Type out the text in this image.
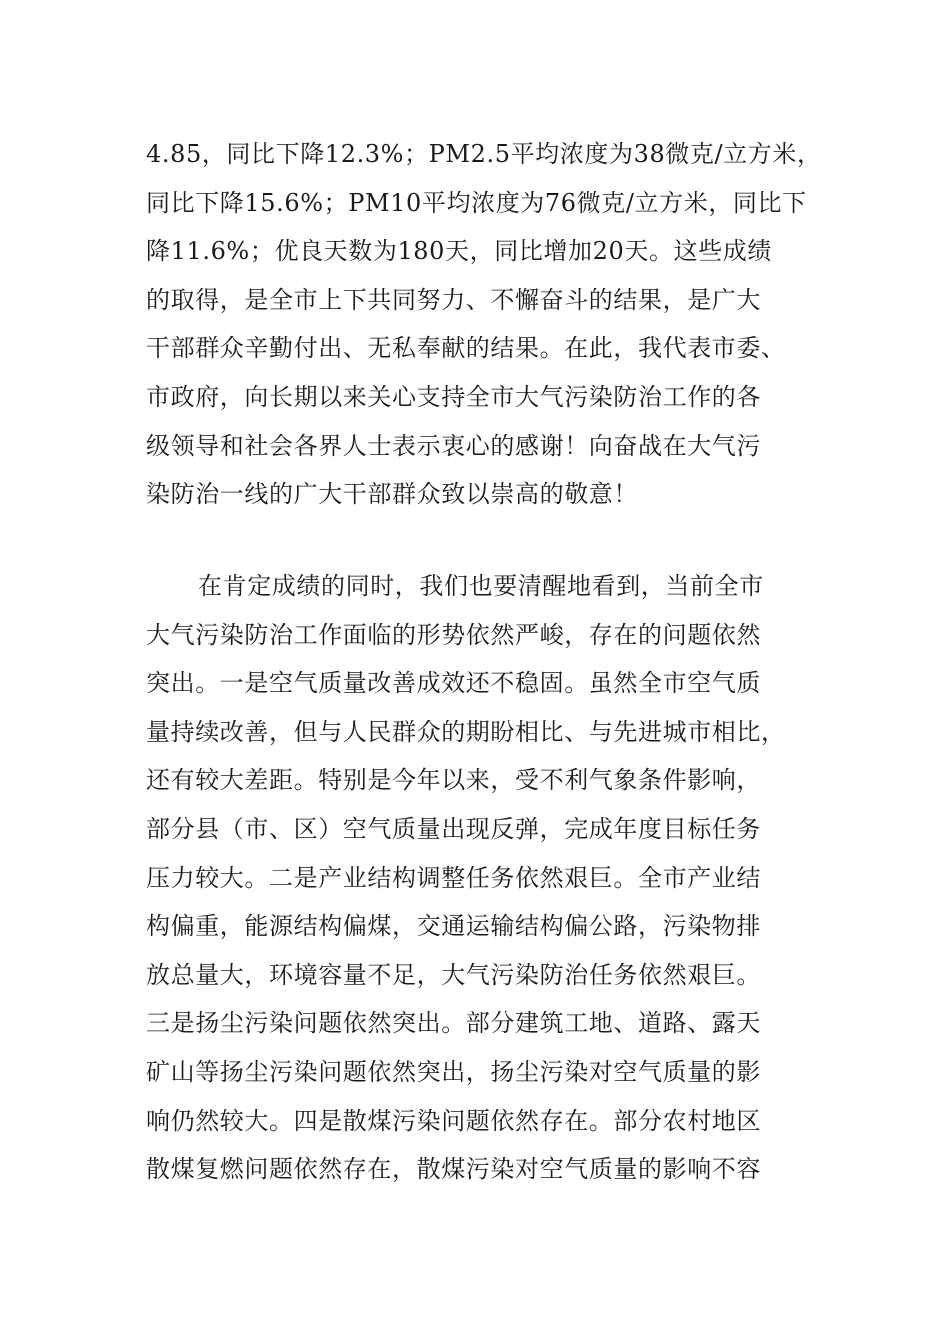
4.85，同比下降12.3%；PM2.5平均浓度为38微克/立方米，
同比下降15.6%；PM10平均浓度为76微克/立方米，同比下
降11.6%；优良天数为180天，同比增加20天。这些成绩
的取得，是全市上下共同努力、不懈奋斗的结果，是广大
干部群众辛勤付出、无私奉献的结果。在此，我代表市委、
市政府，向长期以来关心支持全市大气污染防治工作的各
级领导和社会各界人士表示衷心的感谢！向奋战在大气污
染防治一线的广大干部群众致以崇高的敬意！
在肯定成绩的同时，我们也要清醒地看到，当前全市
大气污染防治工作面临的形势依然严峻，存在的问题依然
突出。一是空气质量改善成效还不稳固。虽然全市空气质
量持续改善，但与人民群众的期盼相比、与先进城市相比，
还有较大差距。特别是今年以来，受不利气象条件影响，
部分县（市、区）空气质量出现反弹，完成年度目标任务
压力较大。二是产业结构调整任务依然艰巨。全市产业结
构偏重，能源结构偏煤，交通运输结构偏公路，污染物排
放总量大，环境容量不足，大气污染防治任务依然艰巨。
三是扬尘污染问题依然突出。部分建筑工地、道路、露天
矿山等扬尘污染问题依然突出，扬尘污染对空气质量的影
响仍然较大。四是散煤污染问题依然存在。部分农村地区
散煤复燃问题依然存在，散煤污染对空气质量的影响不容
